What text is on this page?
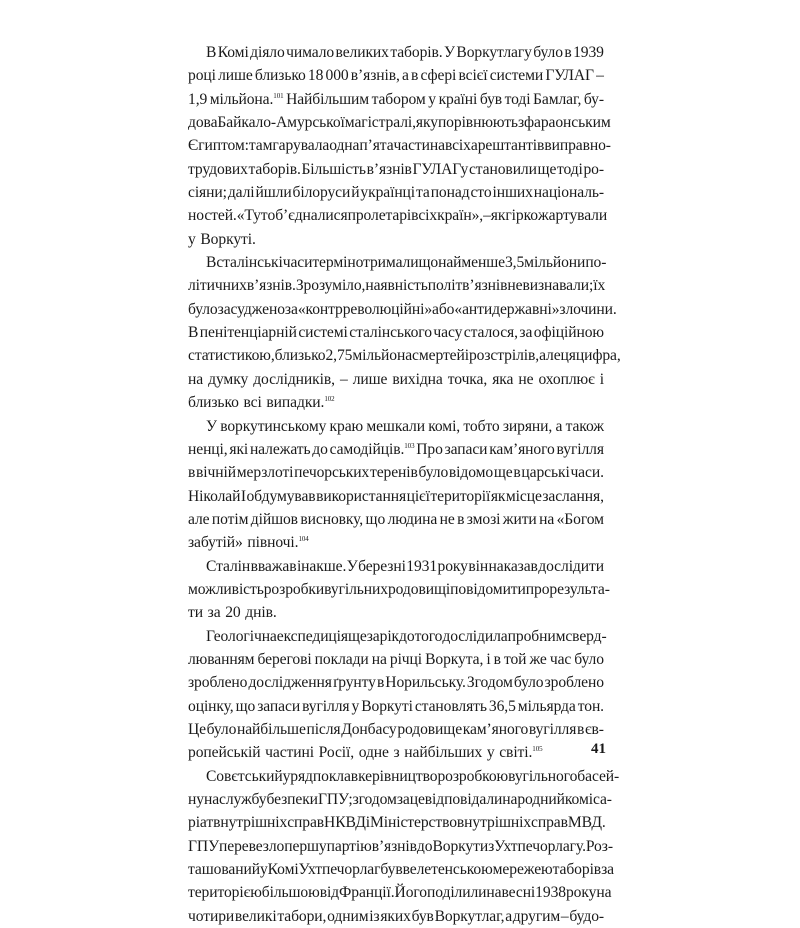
В Комі діяло чимало великих таборів. У Воркутлагу було в 1939
році лише близько 18 000 в’язнів, а в сфері всієї системи ГУЛАГ –
1,9 мільйона.$^{101}$ Найбільшим табором у країні був тоді Бамлаг, бу-
дова Байкало-Амурської магістралі, яку порівнюють з фараонським
Єгиптом: там гарувала одна п’ята частина всіх арештантів виправно-
трудових таборів. Більшість в’язнів ГУЛАГу становили ще тоді ро-
сіяни; далі йшли білоруси й українці та понад сто інших національ-
ностей. «Тут об’єдналися пролетарі всіх країн», – як гірко жартували
у Воркуті.
В сталінські часи термін отримали щонайменше 3,5 мільйони по-
літичних в’язнів. Зрозуміло, наявність політв’язнів не визнавали; їх
було засуджено за «контрреволюційні» або «антидержавні» злочини.
В пенітенціарній системі сталінського часу сталося, за офіційною
статистикою, близько 2,75 мільйона смертей і розстрілів, але ця цифра,
на думку дослідників, – лише вихідна точка, яка не охоплює і
близько всі випадки.$^{102}$
У воркутинському краю мешкали комі, тобто зиряни, а також
ненці, які належать до самодійців.$^{103}$ Про запаси кам’яного вугілля
в вічній мерзлоті печорських теренів було відомо ще в царські часи.
Ніколай І обдумував використання цієї території як місце заслання,
але потім дійшов висновку, що людина не в змозі жити на «Богом
забутій» півночі.$^{104}$
Сталін вважав інакше. У березні 1931 року він наказав дослідити
можливість розробки вугільних родовищ і повідомити про результа-
ти за 20 днів.
Геологічна експедиція ще за рік до того дослідила пробним сверд-
люванням берегові поклади на річці Воркута, і в той же час було
зроблено дослідження ґрунту в Норильську. Згодом було зроблено
оцінку, що запаси вугілля у Воркуті становлять 36,5 мільярда тон.
Це було найбільше після Донбасу родовище кам’яного вугілля в єв-
ропейській частині Росії, одне з найбільших у світі.$^{105}$
Совєтський уряд поклав керівництво розробкою вугільного басей-
ну на службу безпеки ГПУ; згодом за це відповідали народний коміса-
ріат внутрішніх справ НКВД і Міністерство внутрішніх справ МВД.
ГПУ перевезло першу партію в’язнів до Воркути з Ухтпечорлагу. Роз-
ташований у Комі Ухтпечорлаг був велетенською мережею таборів за
територією більшою від Франції. Його поділили навесні 1938 року на
чотири великі табори, одним із яких був Воркутлаг, а другим – будо-
41
